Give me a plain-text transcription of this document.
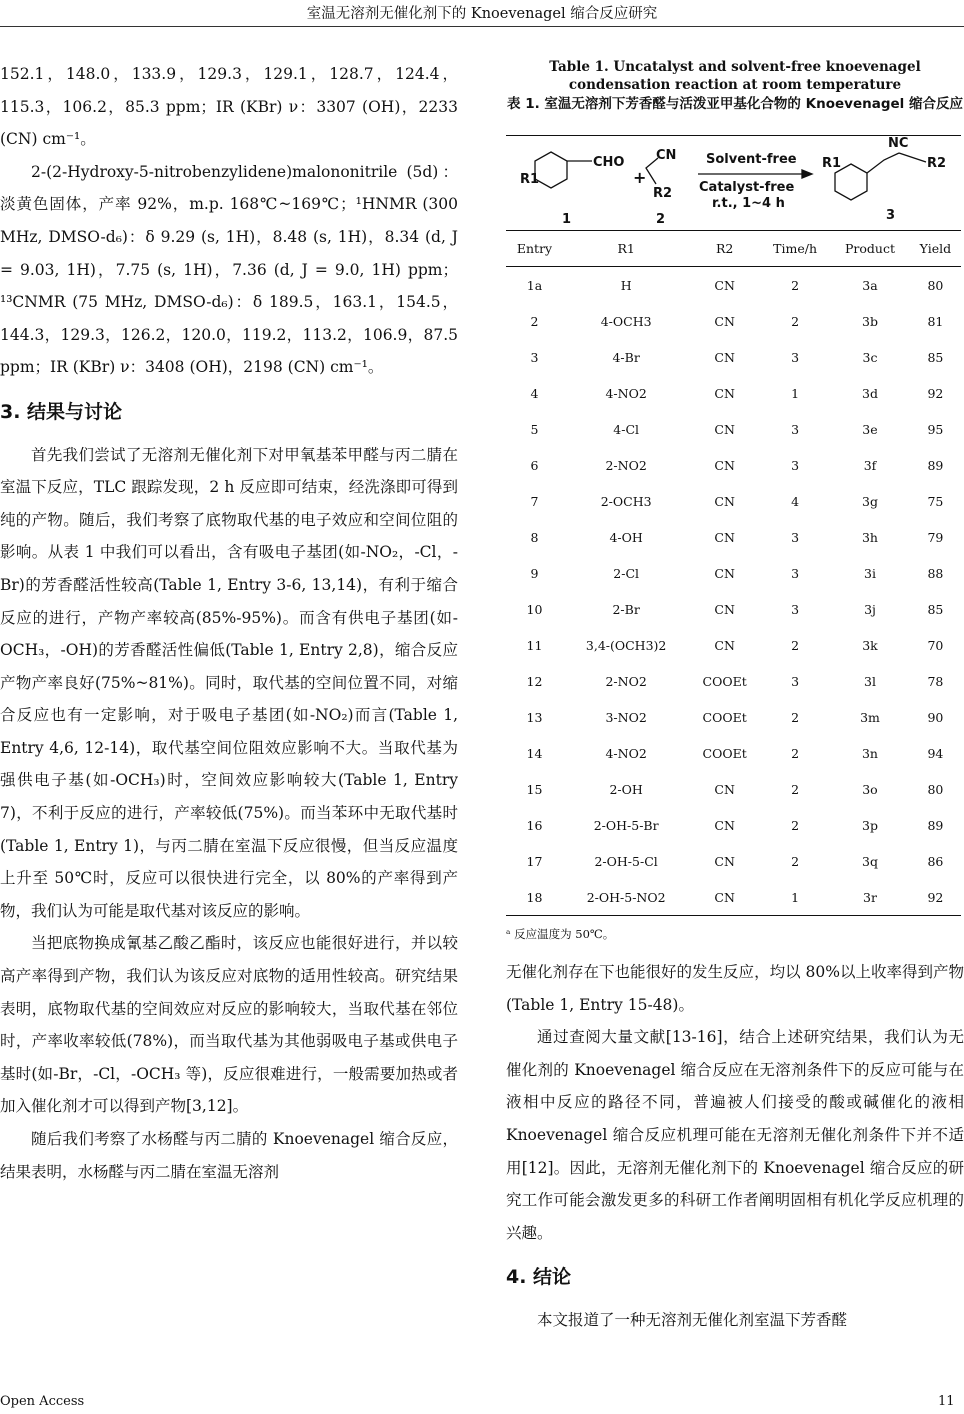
室温无溶剂无催化剂下的 Knoevenagel 缩合反应研究

152.1，148.0，133.9，129.3，129.1，128.7，124.4，115.3，106.2，85.3 ppm；IR (KBr) ν：3307 (OH)，2233 (CN) cm⁻¹。

2-(2-Hydroxy-5-nitrobenzylidene)malononitrile (5d)：淡黄色固体，产率 92%，m.p. 168℃~169℃；¹HNMR (300 MHz, DMSO-d₆)：δ 9.29 (s, 1H)，8.48 (s, 1H)，8.34 (d, J = 9.03, 1H)，7.75 (s, 1H)，7.36 (d, J = 9.0, 1H) ppm；¹³CNMR (75 MHz, DMSO-d₆)：δ 189.5，163.1，154.5，144.3，129.3，126.2，120.0，119.2，113.2，106.9，87.5 ppm；IR (KBr) ν：3408 (OH)，2198 (CN) cm⁻¹。

3. 结果与讨论

首先我们尝试了无溶剂无催化剂下对甲氧基苯甲醛与丙二腈在室温下反应，TLC 跟踪发现，2 h 反应即可结束，经洗涤即可得到纯的产物。随后，我们考察了底物取代基的电子效应和空间位阻的影响。从表 1 中我们可以看出，含有吸电子基团(如-NO₂，-Cl，-Br)的芳香醛活性较高(Table 1, Entry 3-6, 13,14)，有利于缩合反应的进行，产物产率较高(85%-95%)。而含有供电子基团(如-OCH₃，-OH)的芳香醛活性偏低(Table 1, Entry 2,8)，缩合反应产物产率良好(75%~81%)。同时，取代基的空间位置不同，对缩合反应也有一定影响，对于吸电子基团(如-NO₂)而言(Table 1, Entry 4,6, 12-14)，取代基空间位阻效应影响不大。当取代基为强供电子基(如-OCH₃)时，空间效应影响较大(Table 1, Entry 7)，不利于反应的进行，产率较低(75%)。而当苯环中无取代基时(Table 1, Entry 1)，与丙二腈在室温下反应很慢，但当反应温度上升至 50℃时，反应可以很快进行完全，以 80%的产率得到产物，我们认为可能是取代基对该反应的影响。

当把底物换成氰基乙酸乙酯时，该反应也能很好进行，并以较高产率得到产物，我们认为该反应对底物的适用性较高。研究结果表明，底物取代基的空间效应对反应的影响较大，当取代基在邻位时，产率收率较低(78%)，而当取代基为其他弱吸电子基或供电子基时(如-Br，-Cl，-OCH₃ 等)，反应很难进行，一般需要加热或者加入催化剂才可以得到产物[3,12]。

随后我们考察了水杨醛与丙二腈的 Knoevenagel 缩合反应，结果表明，水杨醛与丙二腈在室温无溶剂

Table 1. Uncatalyst and solvent-free knoevenagel condensation reaction at room temperature
表 1. 室温无溶剂下芳香醛与活泼亚甲基化合物的 Knoevenagel 缩合反应
CHO
R1	+
CN
R2
Solvent-free
Catalyst-free
r.t., 1~4 h
NC
R1	R2
1	2	3
Entry	R1	R2	Time/h	Product	Yield
1a	H	CN	2	3a	80
2	4-OCH3	CN	2	3b	81
3	4-Br	CN	3	3c	85
4	4-NO2	CN	1	3d	92
5	4-Cl	CN	3	3e	95
6	2-NO2	CN	3	3f	89
7	2-OCH3	CN	4	3g	75
8	4-OH	CN	3	3h	79
9	2-Cl	CN	3	3i	88
10	2-Br	CN	3	3j	85
11	3,4-(OCH3)2	CN	2	3k	70
12	2-NO2	COOEt	3	3l	78
13	3-NO2	COOEt	2	3m	90
14	4-NO2	COOEt	2	3n	94
15	2-OH	CN	2	3o	80
16	2-OH-5-Br	CN	2	3p	89
17	2-OH-5-Cl	CN	2	3q	86
18	2-OH-5-NO2	CN	1	3r	92
ᵃ 反应温度为 50℃。

无催化剂存在下也能很好的发生反应，均以 80%以上收率得到产物(Table 1, Entry 15-48)。

通过查阅大量文献[13-16]，结合上述研究结果，我们认为无催化剂的 Knoevenagel 缩合反应在无溶剂条件下的反应可能与在液相中反应的路径不同，普遍被人们接受的酸或碱催化的液相 Knoevenagel 缩合反应机理可能在无溶剂无催化剂条件下并不适用[12]。因此，无溶剂无催化剂下的 Knoevenagel 缩合反应的研究工作可能会激发更多的科研工作者阐明固相有机化学反应机理的兴趣。

4. 结论

本文报道了一种无溶剂无催化剂室温下芳香醛

Open Access	11
